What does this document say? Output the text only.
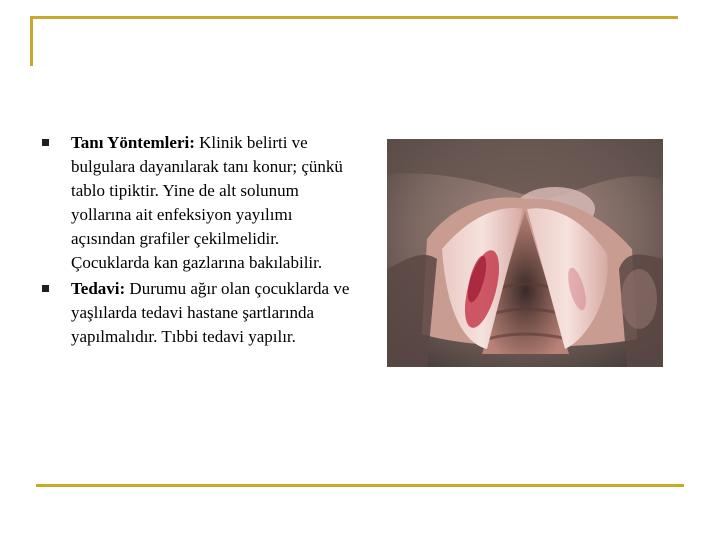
Tanı Yöntemleri: Klinik belirti ve bulgulara dayanılarak tanı konur; çünkü tablo tipiktir. Yine de alt solunum yollarına ait enfeksiyon yayılımı açısından grafiler çekilmelidir. Çocuklarda kan gazlarına bakılabilir.
Tedavi: Durumu ağır olan çocuklarda ve yaşlılarda tedavi hastane şartlarında yapılmalıdır. Tıbbi tedavi yapılır.
